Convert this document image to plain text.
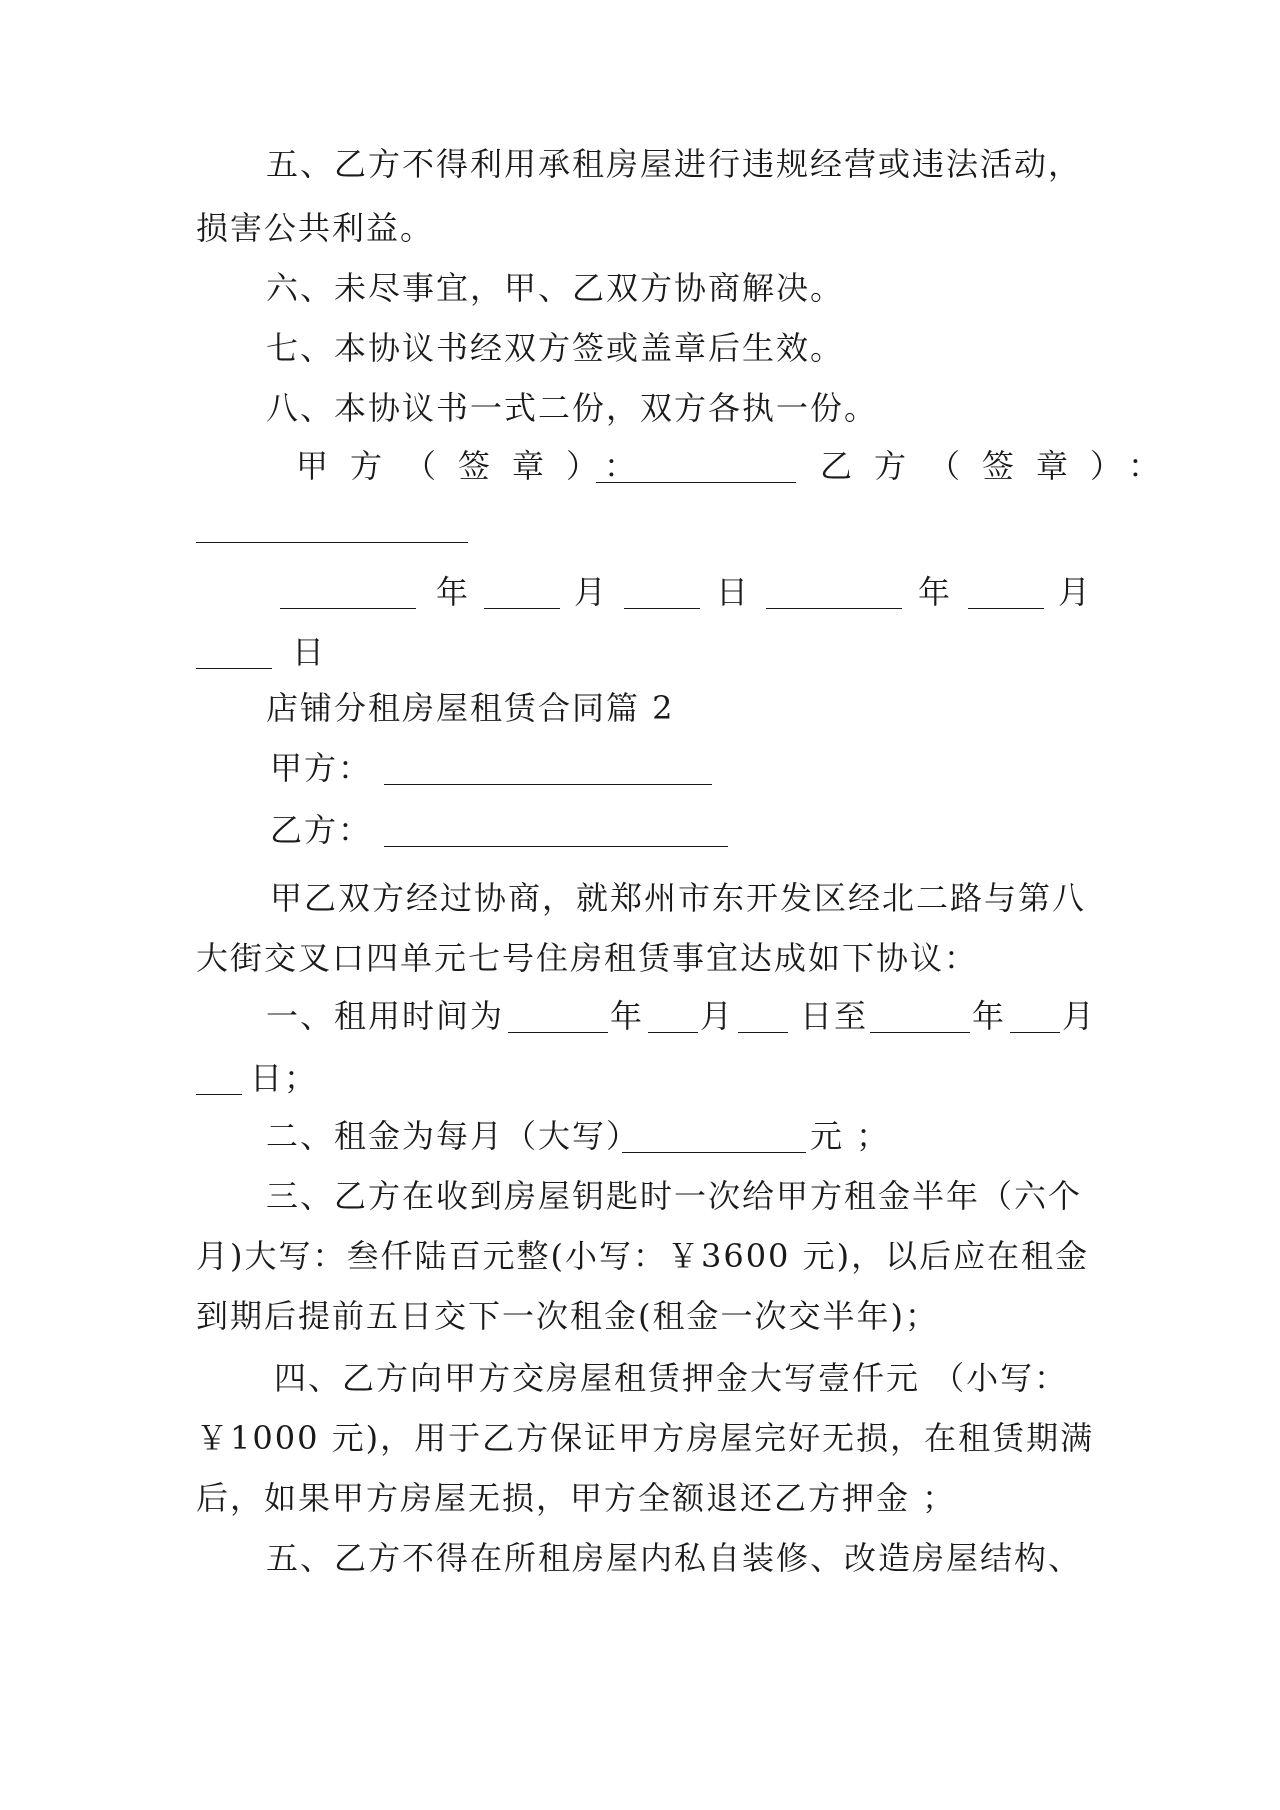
五、乙方不得利用承租房屋进行违规经营或违法活动，
损害公共利益。
六、未尽事宜，甲、乙双方协商解决。
七、本协议书经双方签或盖章后生效。
八、本协议书一式二份，双方各执一份。
甲方（签章）：	乙方（签章）：
年	月	日	年	月
日
店铺分租房屋租赁合同篇 2
甲方：
乙方：
甲乙双方经过协商，就郑州市东开发区经北二路与第八
大街交叉口四单元七号住房租赁事宜达成如下协议：
一、租用时间为	年 月 日至	年 月
日；
二、租金为每月（大写）	元 ；
三、乙方在收到房屋钥匙时一次给甲方租金半年（六个
月)大写：叁仟陆百元整(小写：￥3600 元)，以后应在租金
到期后提前五日交下一次租金(租金一次交半年)；
四、乙方向甲方交房屋租赁押金大写壹仟元 （小写：
￥1000 元)，用于乙方保证甲方房屋完好无损，在租赁期满
后，如果甲方房屋无损，甲方全额退还乙方押金 ；
五、乙方不得在所租房屋内私自装修、改造房屋结构、
